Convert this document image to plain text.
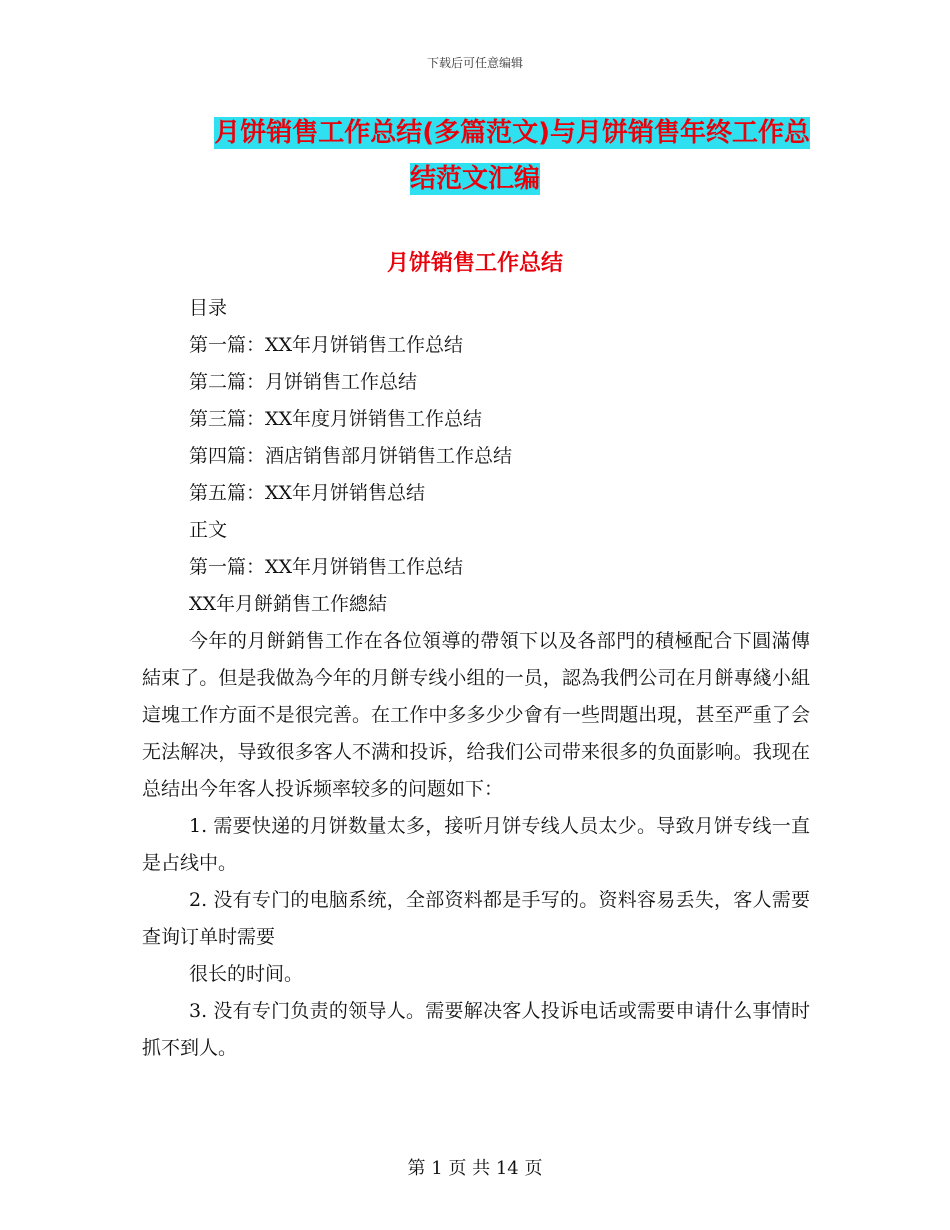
下载后可任意编辑
月饼销售工作总结(多篇范文)与月饼销售年终工作总
结范文汇编
月饼销售工作总结
目录
第一篇：XX年月饼销售工作总结
第二篇：月饼销售工作总结
第三篇：XX年度月饼销售工作总结
第四篇：酒店销售部月饼销售工作总结
第五篇：XX年月饼销售总结
正文
第一篇：XX年月饼销售工作总结
XX年月餅銷售工作總結

今年的月餅銷售工作在各位領導的帶領下以及各部門的積極配合下圓滿傳結束了。但是我做為今年的月餅专线小组的一员，認為我們公司在月餅專綫小組這塊工作方面不是很完善。在工作中多多少少會有一些問題出現，甚至严重了会无法解决，导致很多客人不满和投诉，给我们公司带来很多的负面影响。我现在总结出今年客人投诉频率较多的问题如下：

1. 需要快递的月饼数量太多，接听月饼专线人员太少。导致月饼专线一直是占线中。

2. 没有专门的电脑系统，全部资料都是手写的。资料容易丢失，客人需要查询订单时需要

很长的时间。

3. 没有专门负责的领导人。需要解决客人投诉电话或需要申请什么事情时抓不到人。

第 1 页 共 14 页
